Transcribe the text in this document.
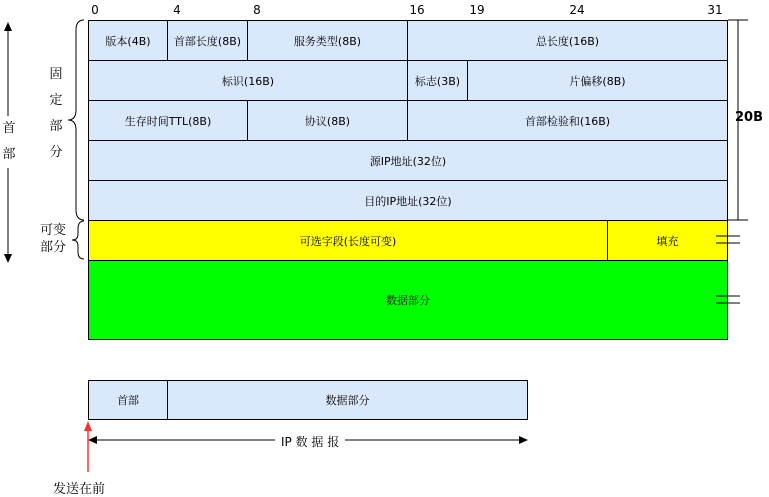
0	4	8	16	19	24	31
版本(4B)	首部长度(8B)	服务类型(8B)	总长度(16B)
标识(16B)	标志(3B)	片偏移(8B)
生存时间TTL(8B)	协议(8B)	首部检验和(16B)
源IP地址(32位)
目的IP地址(32位)
可选字段(长度可变)	填充
数据部分
首部	数据部分
首
部
固
定
部
分
可变
部分
20B
IP 数 据 报
发送在前
